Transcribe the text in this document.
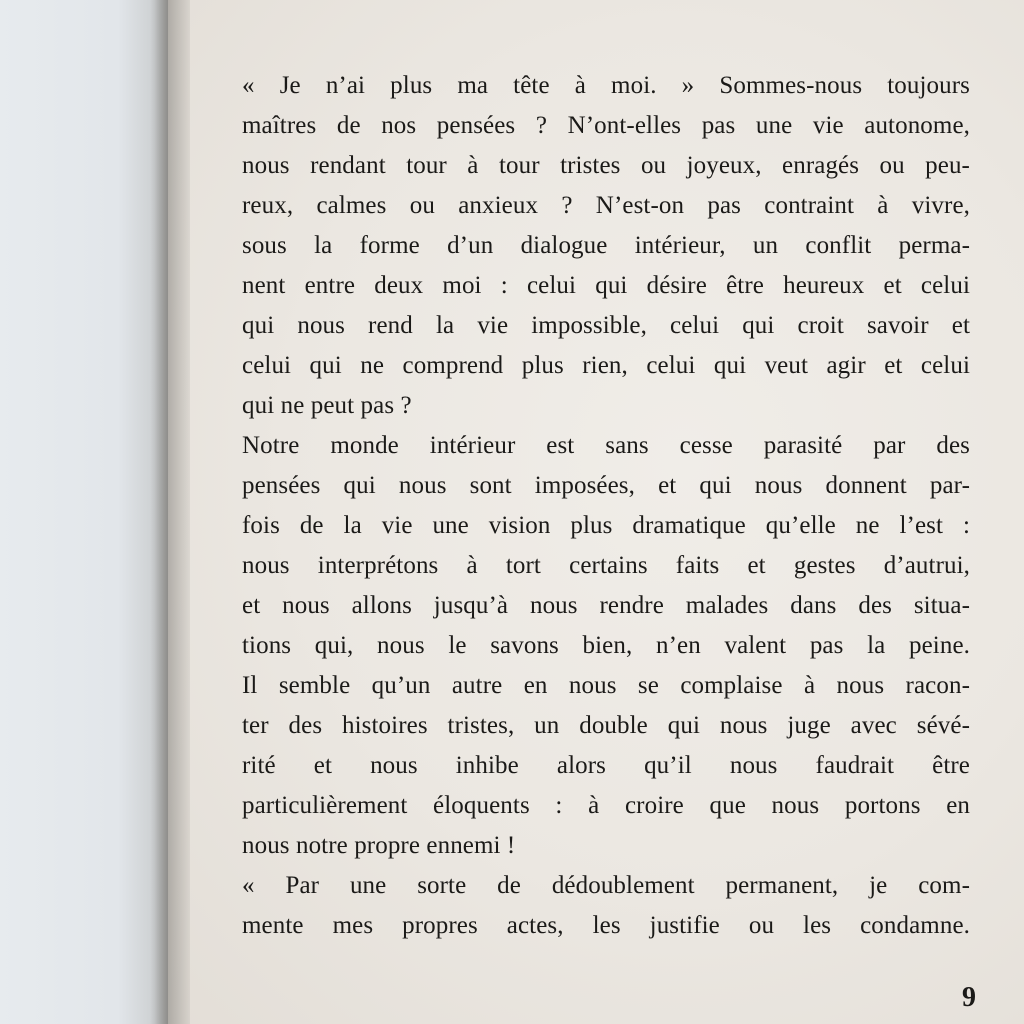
« Je n’ai plus ma tête à moi. » Sommes-nous toujours
maîtres de nos pensées ? N’ont-elles pas une vie autonome,
nous rendant tour à tour tristes ou joyeux, enragés ou peu-
reux, calmes ou anxieux ? N’est-on pas contraint à vivre,
sous la forme d’un dialogue intérieur, un conflit perma-
nent entre deux moi : celui qui désire être heureux et celui
qui nous rend la vie impossible, celui qui croit savoir et
celui qui ne comprend plus rien, celui qui veut agir et celui
qui ne peut pas ?

Notre monde intérieur est sans cesse parasité par des
pensées qui nous sont imposées, et qui nous donnent par-
fois de la vie une vision plus dramatique qu’elle ne l’est :
nous interprétons à tort certains faits et gestes d’autrui,
et nous allons jusqu’à nous rendre malades dans des situa-
tions qui, nous le savons bien, n’en valent pas la peine.
Il semble qu’un autre en nous se complaise à nous racon-
ter des histoires tristes, un double qui nous juge avec sévé-
rité et nous inhibe alors qu’il nous faudrait être
particulièrement éloquents : à croire que nous portons en
nous notre propre ennemi !

« Par une sorte de dédoublement permanent, je com-
mente mes propres actes, les justifie ou les condamne.

9
